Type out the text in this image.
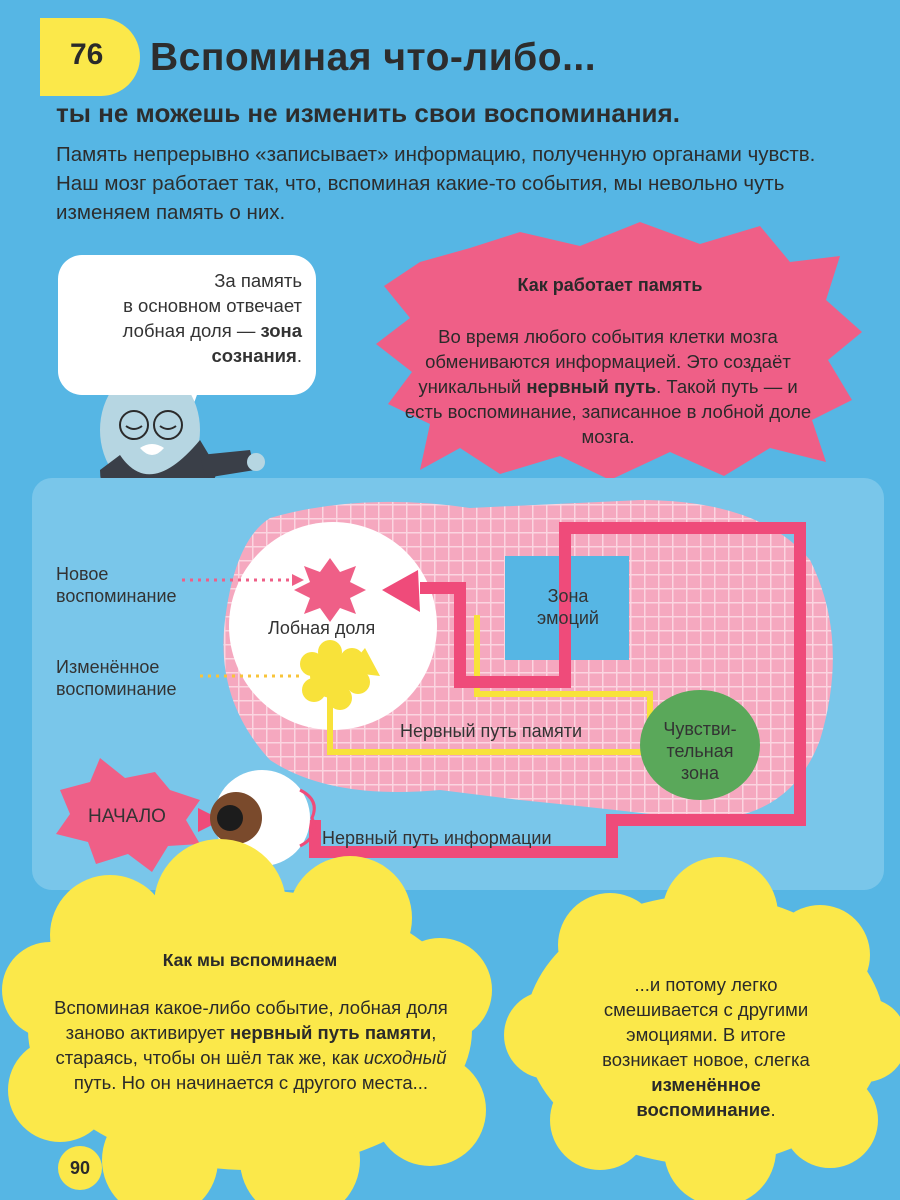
76 Вспоминая что-либо...
ты не можешь не изменить свои воспоминания.
Память непрерывно «записывает» информацию, полученную органами чувств. Наш мозг работает так, что, вспоминая какие-то события, мы невольно чуть изменяем память о них.
За память
в основном отвечает
лобная доля — зона
сознания.
Как работает память
Во время любого события клетки мозга обмениваются информацией. Это создаёт уникальный нервный путь. Такой путь — и есть воспоминание, записанное в лобной доле мозга.
Новое
воспоминание
Изменённое
воспоминание
Лобная доля
Зона
эмоций
Нервный путь памяти	Чувстви-
тельная
зона
НАЧАЛО
Нервный путь информации
Как мы вспоминаем
Вспоминая какое-либо событие, лобная доля заново активирует нервный путь памяти, стараясь, чтобы он шёл так же, как исходный путь. Но он начинается с другого места...
...и потому легко смешивается с другими эмоциями. В итоге возникает новое, слегка изменённое воспоминание.
90
